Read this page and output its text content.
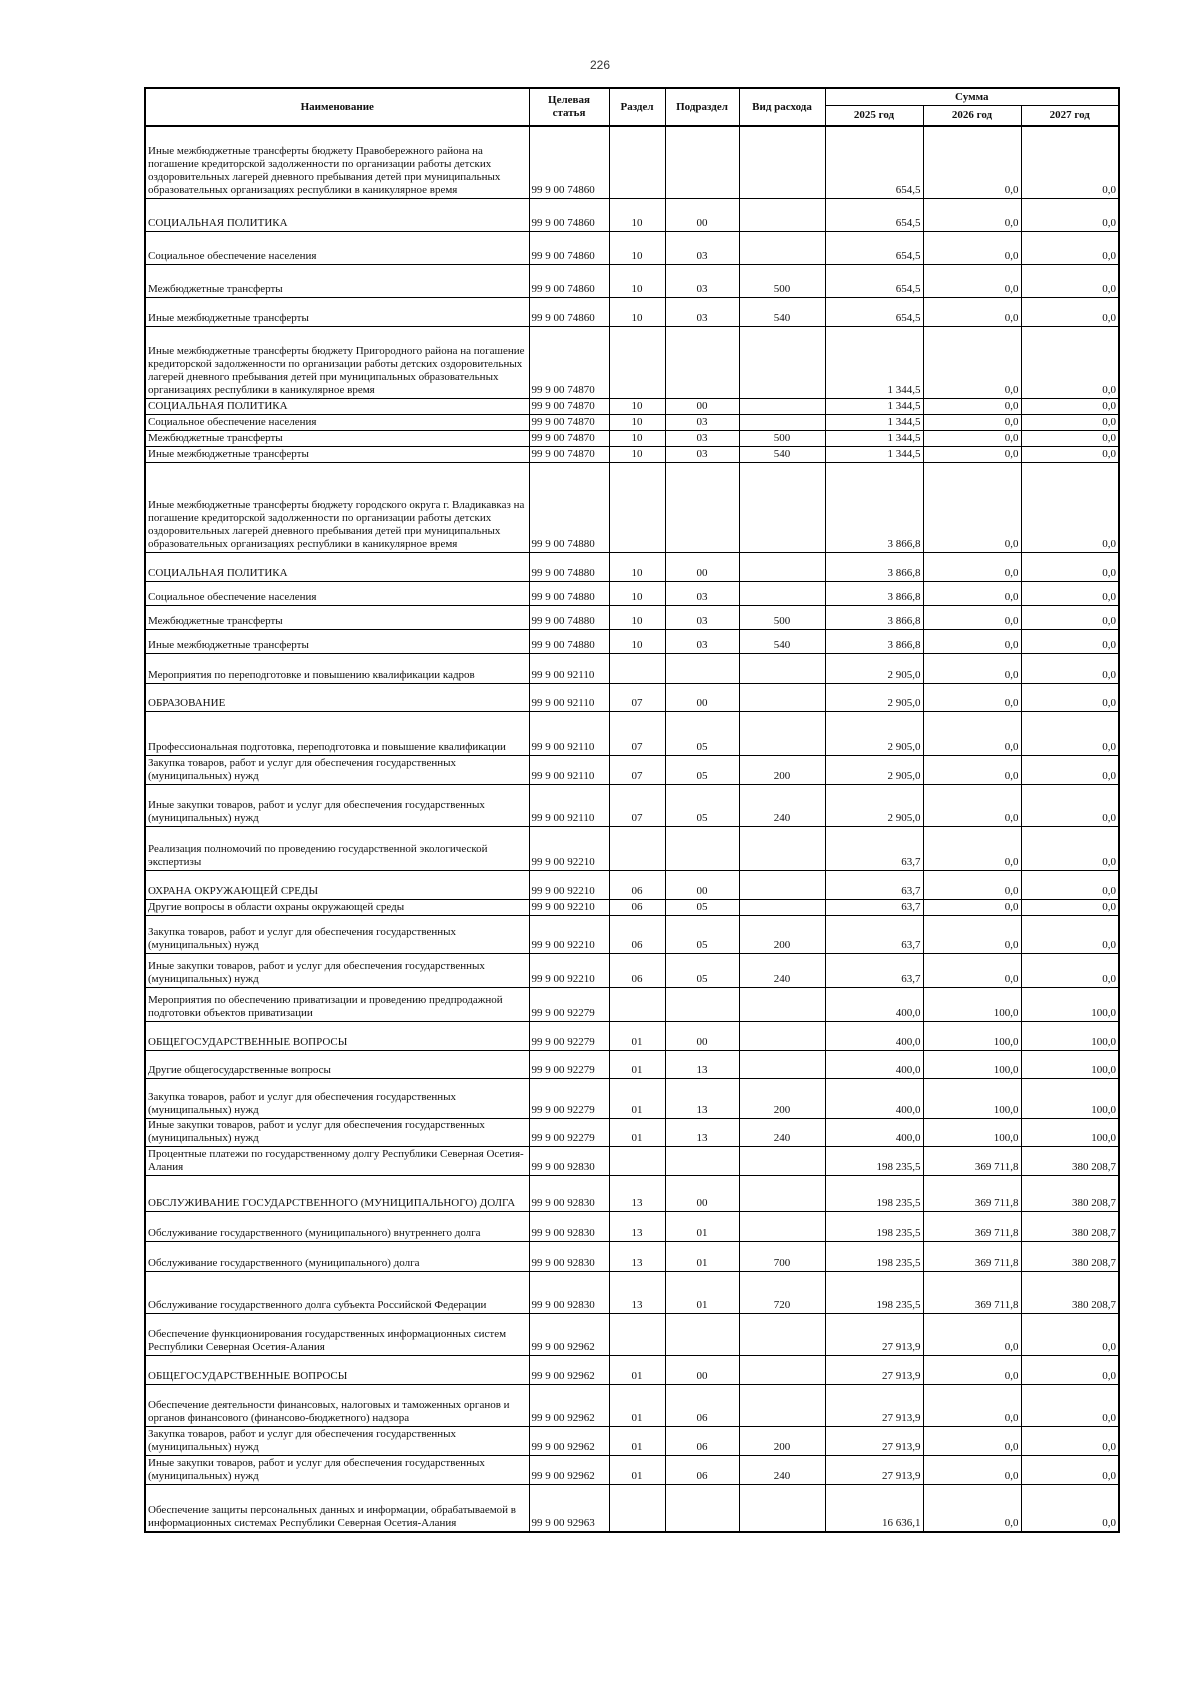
226
Наименование	Целевая статья	Раздел	Подраздел	Вид расхода	Сумма		
					2025 год	2026 год	2027 год
Иные межбюджетные трансферты бюджету Правобережного района на погашение кредиторской задолженности по организации работы детских оздоровительных лагерей дневного пребывания детей при муниципальных образовательных организациях республики в каникулярное время	99 9 00 74860				654,5	0,0	0,0
СОЦИАЛЬНАЯ ПОЛИТИКА	99 9 00 74860	10	00		654,5	0,0	0,0
Социальное обеспечение населения	99 9 00 74860	10	03		654,5	0,0	0,0
Межбюджетные трансферты	99 9 00 74860	10	03	500	654,5	0,0	0,0
Иные межбюджетные трансферты	99 9 00 74860	10	03	540	654,5	0,0	0,0
Иные межбюджетные трансферты бюджету Пригородного района на погашение кредиторской задолженности по организации работы детских оздоровительных лагерей дневного пребывания детей при муниципальных образовательных организациях республики в каникулярное время	99 9 00 74870				1 344,5	0,0	0,0
СОЦИАЛЬНАЯ ПОЛИТИКА	99 9 00 74870	10	00		1 344,5	0,0	0,0
Социальное обеспечение населения	99 9 00 74870	10	03		1 344,5	0,0	0,0
Межбюджетные трансферты	99 9 00 74870	10	03	500	1 344,5	0,0	0,0
Иные межбюджетные трансферты	99 9 00 74870	10	03	540	1 344,5	0,0	0,0
Иные межбюджетные трансферты бюджету городского округа г. Владикавказ на погашение кредиторской задолженности по организации работы детских оздоровительных лагерей дневного пребывания детей при муниципальных образовательных организациях республики в каникулярное время	99 9 00 74880				3 866,8	0,0	0,0
СОЦИАЛЬНАЯ ПОЛИТИКА	99 9 00 74880	10	00		3 866,8	0,0	0,0
Социальное обеспечение населения	99 9 00 74880	10	03		3 866,8	0,0	0,0
Межбюджетные трансферты	99 9 00 74880	10	03	500	3 866,8	0,0	0,0
Иные межбюджетные трансферты	99 9 00 74880	10	03	540	3 866,8	0,0	0,0
Мероприятия по переподготовке и повышению квалификации кадров	99 9 00 92110				2 905,0	0,0	0,0
ОБРАЗОВАНИЕ	99 9 00 92110	07	00		2 905,0	0,0	0,0
Профессиональная подготовка, переподготовка и повышение квалификации	99 9 00 92110	07	05		2 905,0	0,0	0,0
Закупка товаров, работ и услуг для обеспечения государственных (муниципальных) нужд	99 9 00 92110	07	05	200	2 905,0	0,0	0,0
Иные закупки товаров, работ и услуг для обеспечения государственных (муниципальных) нужд	99 9 00 92110	07	05	240	2 905,0	0,0	0,0
Реализация полномочий по проведению государственной экологической экспертизы	99 9 00 92210				63,7	0,0	0,0
ОХРАНА ОКРУЖАЮЩЕЙ СРЕДЫ	99 9 00 92210	06	00		63,7	0,0	0,0
Другие вопросы в области охраны окружающей среды	99 9 00 92210	06	05		63,7	0,0	0,0
Закупка товаров, работ и услуг для обеспечения государственных (муниципальных) нужд	99 9 00 92210	06	05	200	63,7	0,0	0,0
Иные закупки товаров, работ и услуг для обеспечения государственных (муниципальных) нужд	99 9 00 92210	06	05	240	63,7	0,0	0,0
Мероприятия по обеспечению приватизации и проведению предпродажной подготовки объектов приватизации	99 9 00 92279				400,0	100,0	100,0
ОБЩЕГОСУДАРСТВЕННЫЕ ВОПРОСЫ	99 9 00 92279	01	00		400,0	100,0	100,0
Другие общегосударственные вопросы	99 9 00 92279	01	13		400,0	100,0	100,0
Закупка товаров, работ и услуг для обеспечения государственных (муниципальных) нужд	99 9 00 92279	01	13	200	400,0	100,0	100,0
Иные закупки товаров, работ и услуг для обеспечения государственных (муниципальных) нужд	99 9 00 92279	01	13	240	400,0	100,0	100,0
Процентные платежи по государственному долгу Республики Северная Осетия-Алания	99 9 00 92830				198 235,5	369 711,8	380 208,7
ОБСЛУЖИВАНИЕ ГОСУДАРСТВЕННОГО (МУНИЦИПАЛЬНОГО) ДОЛГА	99 9 00 92830	13	00		198 235,5	369 711,8	380 208,7
Обслуживание государственного (муниципального) внутреннего долга	99 9 00 92830	13	01		198 235,5	369 711,8	380 208,7
Обслуживание государственного (муниципального) долга	99 9 00 92830	13	01	700	198 235,5	369 711,8	380 208,7
Обслуживание государственного долга субъекта Российской Федерации	99 9 00 92830	13	01	720	198 235,5	369 711,8	380 208,7
Обеспечение функционирования государственных информационных систем Республики Северная Осетия-Алания	99 9 00 92962				27 913,9	0,0	0,0
ОБЩЕГОСУДАРСТВЕННЫЕ ВОПРОСЫ	99 9 00 92962	01	00		27 913,9	0,0	0,0
Обеспечение деятельности финансовых, налоговых и таможенных органов и органов финансового (финансово-бюджетного) надзора	99 9 00 92962	01	06		27 913,9	0,0	0,0
Закупка товаров, работ и услуг для обеспечения государственных (муниципальных) нужд	99 9 00 92962	01	06	200	27 913,9	0,0	0,0
Иные закупки товаров, работ и услуг для обеспечения государственных (муниципальных) нужд	99 9 00 92962	01	06	240	27 913,9	0,0	0,0
Обеспечение защиты персональных данных и информации, обрабатываемой в информационных системах Республики Северная Осетия-Алания	99 9 00 92963				16 636,1	0,0	0,0
